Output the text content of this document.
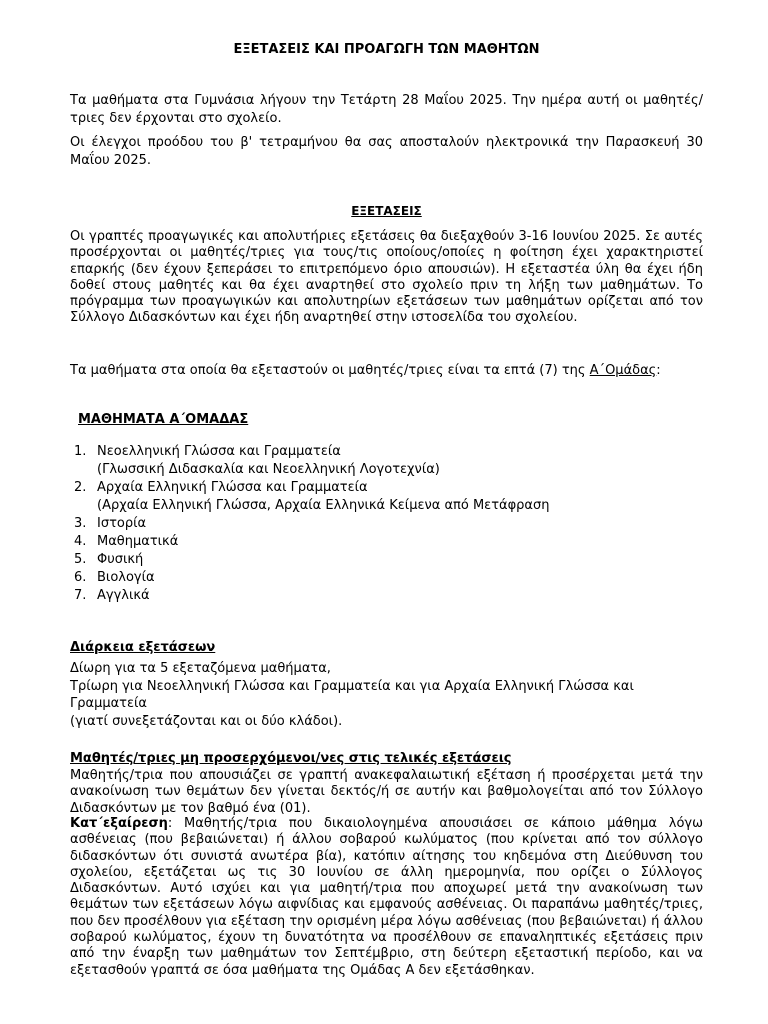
ΕΞΕΤΑΣΕΙΣ ΚΑΙ ΠΡΟΑΓΩΓΗ ΤΩΝ ΜΑΘΗΤΩΝ
Τα μαθήματα στα Γυμνάσια λήγουν την Τετάρτη 28 Μαΐου 2025. Την ημέρα αυτή οι μαθητές/τριες δεν έρχονται στο σχολείο.
Οι έλεγχοι προόδου του β' τετραμήνου θα σας αποσταλούν ηλεκτρονικά την Παρασκευή 30 Μαΐου 2025.
ΕΞΕΤΑΣΕΙΣ
Οι γραπτές προαγωγικές και απολυτήριες εξετάσεις θα διεξαχθούν 3-16 Ιουνίου 2025. Σε αυτές προσέρχονται οι μαθητές/τριες για τους/τις οποίους/οποίες η φοίτηση έχει χαρακτηριστεί επαρκής (δεν έχουν ξεπεράσει το επιτρεπόμενο όριο απουσιών). Η εξεταστέα ύλη θα έχει ήδη δοθεί στους μαθητές και θα έχει αναρτηθεί στο σχολείο πριν τη λήξη των μαθημάτων. Το πρόγραμμα των προαγωγικών και απολυτηρίων εξετάσεων των μαθημάτων ορίζεται από τον Σύλλογο Διδασκόντων και έχει ήδη αναρτηθεί στην ιστοσελίδα του σχολείου.
Τα μαθήματα στα οποία θα εξεταστούν οι μαθητές/τριες είναι τα επτά (7) της Α΄Ομάδας:
ΜΑΘΗΜΑΤΑ Α΄ΟΜΑΔΑΣ
1. Νεοελληνική Γλώσσα και Γραμματεία
(Γλωσσική Διδασκαλία και Νεοελληνική Λογοτεχνία)
2. Αρχαία Ελληνική Γλώσσα και Γραμματεία
(Αρχαία Ελληνική Γλώσσα, Αρχαία Ελληνικά Κείμενα από Μετάφραση
3. Ιστορία
4. Μαθηματικά
5. Φυσική
6. Βιολογία
7. Αγγλικά
Διάρκεια εξετάσεων
Δίωρη για τα 5 εξεταζόμενα μαθήματα,
Τρίωρη για Νεοελληνική Γλώσσα και Γραμματεία και για Αρχαία Ελληνική Γλώσσα και
Γραμματεία
(γιατί συνεξετάζονται και οι δύο κλάδοι).
Μαθητές/τριες μη προσερχόμενοι/νες στις τελικές εξετάσεις
Μαθητής/τρια που απουσιάζει σε γραπτή ανακεφαλαιωτική εξέταση ή προσέρχεται μετά την ανακοίνωση των θεμάτων δεν γίνεται δεκτός/ή σε αυτήν και βαθμολογείται από τον Σύλλογο Διδασκόντων με τον βαθμό ένα (01).
Κατ΄εξαίρεση: Μαθητής/τρια που δικαιολογημένα απουσιάσει σε κάποιο μάθημα λόγω ασθένειας (που βεβαιώνεται) ή άλλου σοβαρού κωλύματος (που κρίνεται από τον σύλλογο διδασκόντων ότι συνιστά ανωτέρα βία), κατόπιν αίτησης του κηδεμόνα στη Διεύθυνση του σχολείου, εξετάζεται ως τις 30 Ιουνίου σε άλλη ημερομηνία, που ορίζει ο Σύλλογος Διδασκόντων. Αυτό ισχύει και για μαθητή/τρια που αποχωρεί μετά την ανακοίνωση των θεμάτων των εξετάσεων λόγω αιφνίδιας και εμφανούς ασθένειας. Οι παραπάνω μαθητές/τριες, που δεν προσέλθουν για εξέταση την ορισμένη μέρα λόγω ασθένειας (που βεβαιώνεται) ή άλλου σοβαρού κωλύματος, έχουν τη δυνατότητα να προσέλθουν σε επαναληπτικές εξετάσεις πριν από την έναρξη των μαθημάτων τον Σεπτέμβριο, στη δεύτερη εξεταστική περίοδο, και να εξετασθούν γραπτά σε όσα μαθήματα της Ομάδας Α δεν εξετάσθηκαν.
